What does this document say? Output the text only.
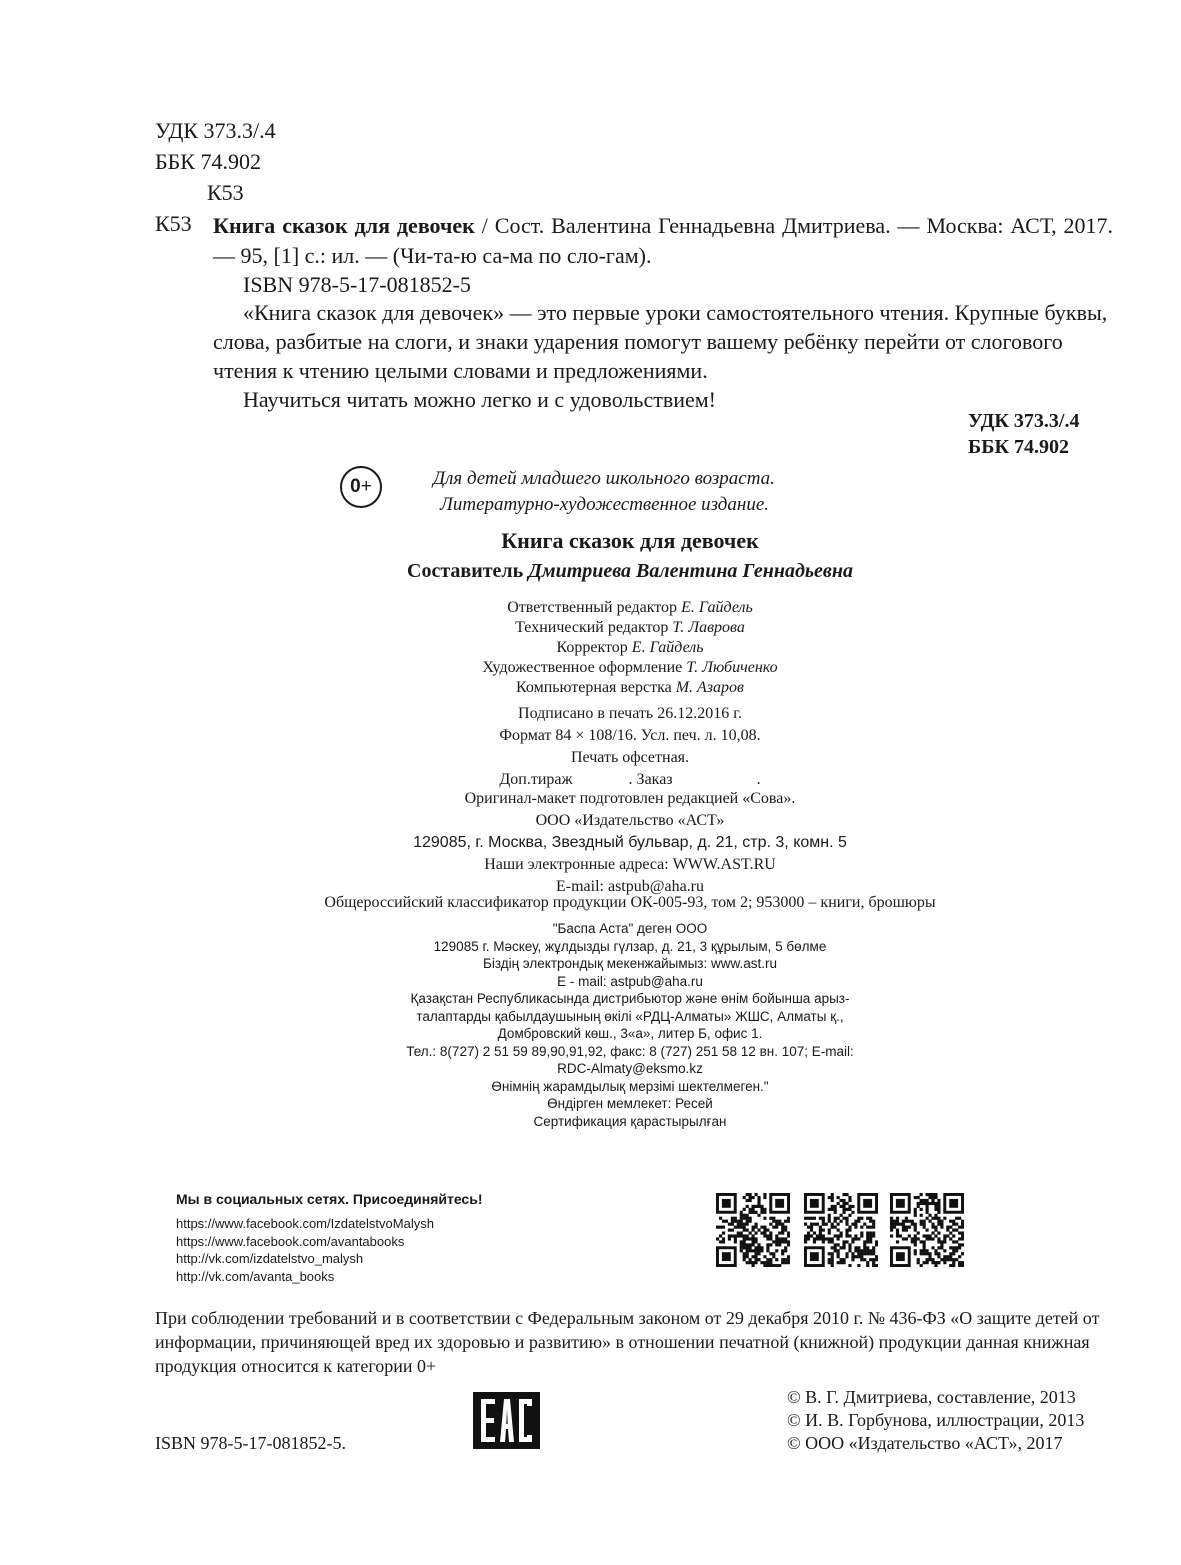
УДК 373.3/.4
ББК 74.902
К53
К53 Книга сказок для девочек / Сост. Валентина Геннадьевна Дмитриева. — Москва: АСТ, 2017. — 95, [1] с.: ил. — (Чи-та-ю са-ма по сло-гам).
ISBN 978-5-17-081852-5
«Книга сказок для девочек» — это первые уроки самостоятельного чтения. Крупные буквы, слова, разбитые на слоги, и знаки ударения помогут вашему ребёнку перейти от слогового чтения к чтению целыми словами и предложениями.
Научиться читать можно легко и с удовольствием!
УДК 373.3/.4
ББК 74.902
0 +	Для детей младшего школьного возраста.
Литературно-художественное издание.
Книга сказок для девочек
Составитель Дмитриева Валентина Геннадьевна
Ответственный редактор Е. Гайдель
Технический редактор Т. Лаврова
Корректор Е. Гайдель
Художественное оформление Т. Любиченко
Компьютерная верстка М. Азаров
Подписано в печать 26.12.2016 г.
Формат 84 × 108/16. Усл. печ. л. 10,08.
Печать офсетная.
Доп.тираж              . Заказ                     .
Оригинал-макет подготовлен редакцией «Сова».
ООО «Издательство «АСТ»
129085, г. Москва, Звездный бульвар, д. 21, стр. 3, комн. 5
Наши электронные адреса: WWW.AST.RU
E-mail: astpub@aha.ru
Общероссийский классификатор продукции ОК-005-93, том 2; 953000 – книги, брошюры
"Баспа Аста" деген ООО
129085 г. Мәскеу, жұлдызды гүлзар, д. 21, 3 құрылым, 5 бөлме
Біздің электрондық мекенжайымыз: www.ast.ru
E - mail: astpub@aha.ru
Қазақстан Республикасында дистрибьютор және өнім бойынша арыз-
талаптарды қабылдаушының өкілі «РДЦ-Алматы» ЖШС, Алматы қ.,
Домбровский көш., 3«а», литер Б, офис 1.
Тел.: 8(727) 2 51 59 89,90,91,92, факс: 8 (727) 251 58 12 вн. 107; E-mail:
RDC-Almaty@eksmo.kz
Өнімнің жарамдылық мерзімі шектелмеген."
Өндірген мемлекет: Ресей
Сертификация қарастырылған
Мы в социальных сетях. Присоединяйтесь!
https://www.facebook.com/IzdatelstvoMalysh
https://www.facebook.com/avantabooks
http://vk.com/izdatelstvo_malysh
http://vk.com/avanta_books
При соблюдении требований и в соответствии с Федеральным законом от 29 декабря 2010 г. № 436-ФЗ «О защите детей от информации, причиняющей вред их здоровью и развитию» в отношении печатной (книжной) продукции данная книжная продукция относится к категории 0+
© В. Г. Дмитриева, составление, 2013
© И. В. Горбунова, иллюстрации, 2013
© ООО «Издательство «АСТ», 2017
ISBN 978-5-17-081852-5.
